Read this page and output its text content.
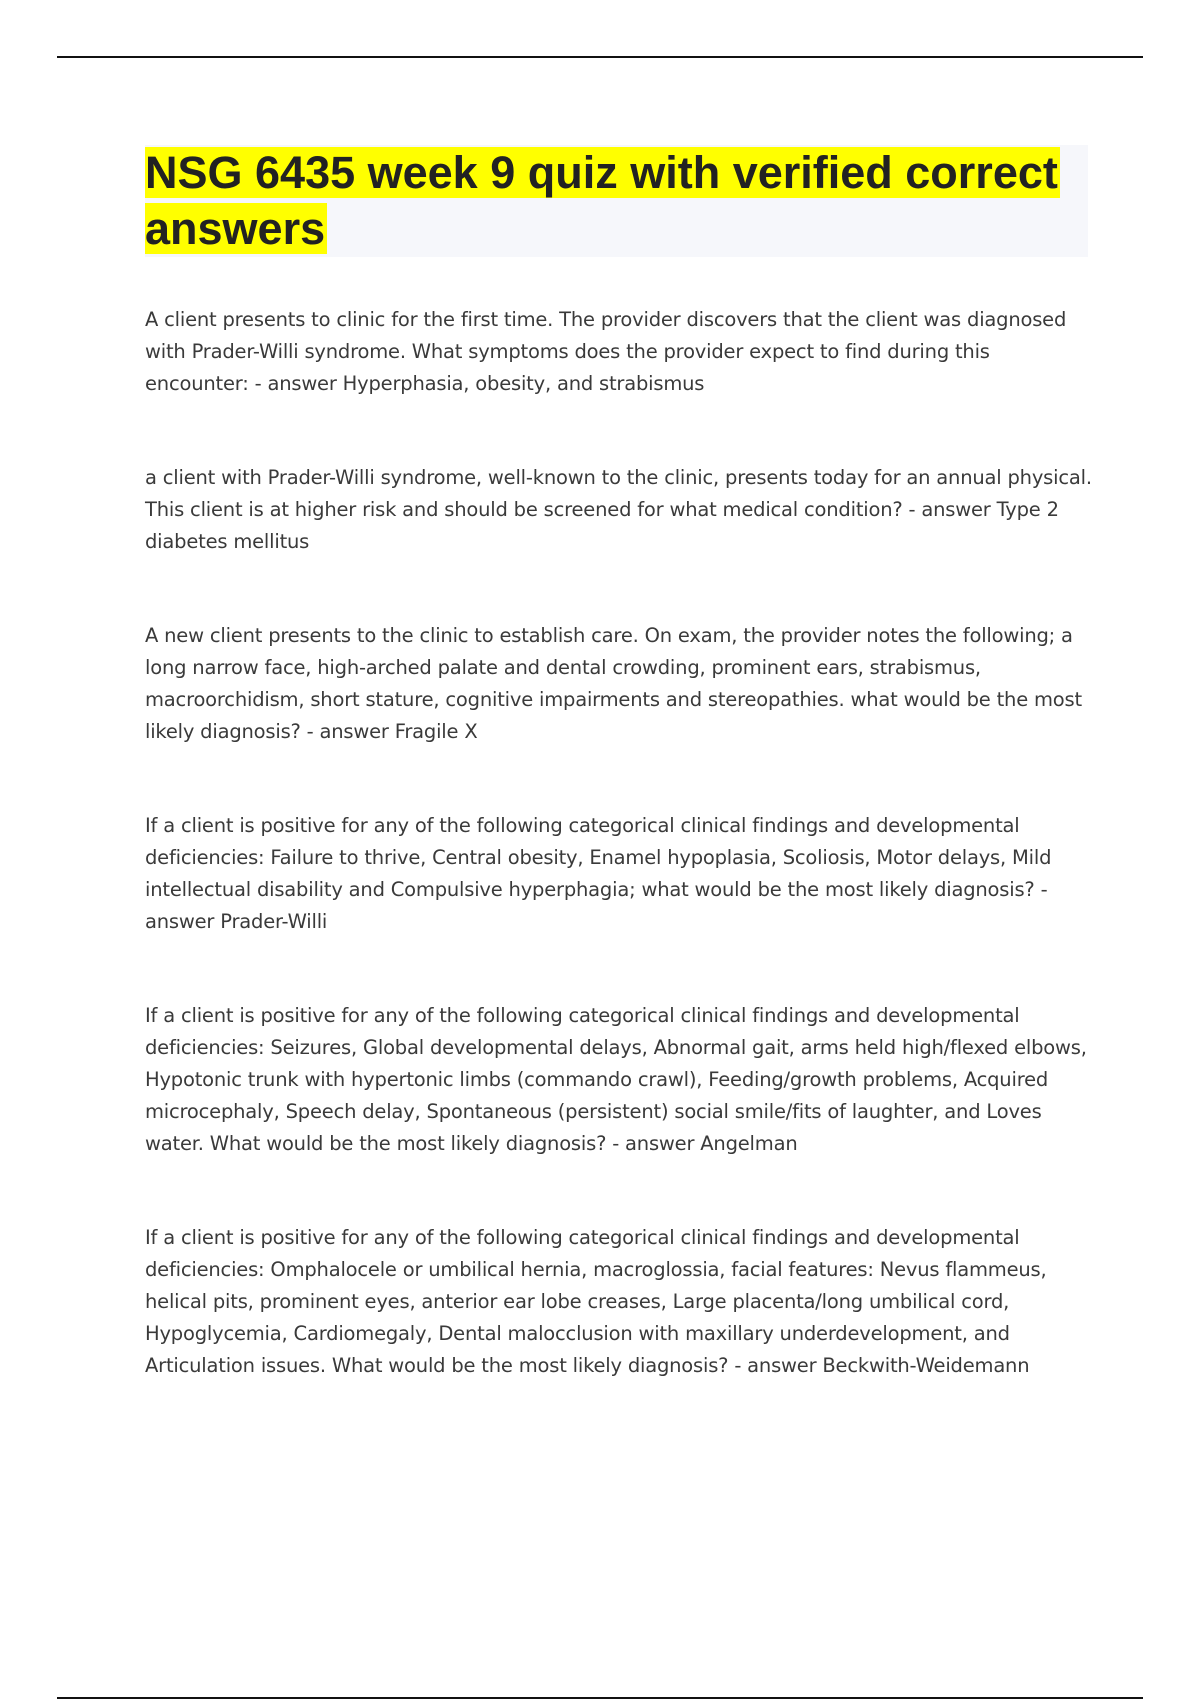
NSG 6435 week 9 quiz with verified correct answers

A client presents to clinic for the first time. The provider discovers that the client was diagnosed with Prader-Willi syndrome. What symptoms does the provider expect to find during this encounter: - answer Hyperphasia, obesity, and strabismus

a client with Prader-Willi syndrome, well-known to the clinic, presents today for an annual physical. This client is at higher risk and should be screened for what medical condition? - answer Type 2 diabetes mellitus

A new client presents to the clinic to establish care. On exam, the provider notes the following; a long narrow face, high-arched palate and dental crowding, prominent ears, strabismus, macroorchidism, short stature, cognitive impairments and stereopathies. what would be the most likely diagnosis? - answer Fragile X

If a client is positive for any of the following categorical clinical findings and developmental deficiencies: Failure to thrive, Central obesity, Enamel hypoplasia, Scoliosis, Motor delays, Mild intellectual disability and Compulsive hyperphagia; what would be the most likely diagnosis? - answer Prader-Willi

If a client is positive for any of the following categorical clinical findings and developmental deficiencies: Seizures, Global developmental delays, Abnormal gait, arms held high/flexed elbows, Hypotonic trunk with hypertonic limbs (commando crawl), Feeding/growth problems, Acquired microcephaly, Speech delay, Spontaneous (persistent) social smile/fits of laughter, and Loves water. What would be the most likely diagnosis? - answer Angelman

If a client is positive for any of the following categorical clinical findings and developmental deficiencies: Omphalocele or umbilical hernia, macroglossia, facial features: Nevus flammeus, helical pits, prominent eyes, anterior ear lobe creases, Large placenta/long umbilical cord, Hypoglycemia, Cardiomegaly, Dental malocclusion with maxillary underdevelopment, and Articulation issues. What would be the most likely diagnosis? - answer Beckwith-Weidemann
